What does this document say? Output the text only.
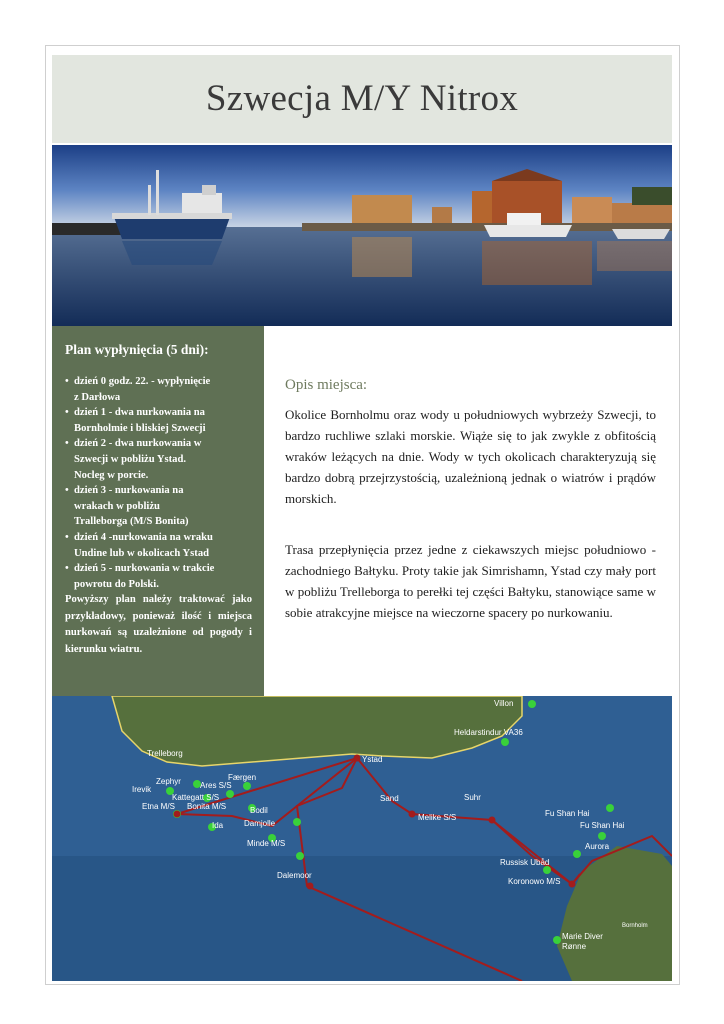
Szwecja M/Y Nitrox
Plan wypłynięcia (5 dni):
• dzień 0 godz. 22. - wypłynięcie
z Darłowa
• dzień 1 - dwa nurkowania na
Bornholmie i bliskiej Szwecji
• dzień 2 - dwa nurkowania w
Szwecji w pobliżu Ystad.
Nocleg w porcie.
• dzień 3 - nurkowania na
wrakach w pobliżu
Tralleborga (M/S Bonita)
• dzień 4 -nurkowania na wraku
Undine lub w okolicach Ystad
• dzień 5 - nurkowania w trakcie
powrotu do Polski.

Powyższy plan należy traktować jako przykładowy, ponieważ ilość i miejsca nurkowań są uzależnione od pogody i kierunku wiatru.

Opis miejsca:

Okolice Bornholmu oraz wody u południowych wybrzeży Szwecji, to bardzo ruchliwe szlaki morskie. Wiąże się to jak zwykle z obfitością wraków leżących na dnie. Wody w tych okolicach charakteryzują się bardzo dobrą przejrzystością, uzależnioną jednak o wiatrów i prądów morskich.

Trasa przepłynięcia przez jedne z ciekawszych miejsc południowo - zachodniego Bałtyku. Proty takie jak Simrishamn, Ystad czy mały port w pobliżu Trelleborga to perełki tej części Bałtyku, stanowiące same w sobie atrakcyjne miejsce na wieczorne spacery po nurkowaniu.

Villon
Heldarstindur VA36
Trelleborg
Ystad
Zephyr
Irevik
Færgen
Ares S/S
Kattegatt S/S
Etna M/S Bonita M/S
Ida
Bodil
Damjolle
Minde M/S
Dalemoor
Sand
Melike S/S
Suhr
Fu Shan Hai
Fu Shan Hai
Aurora
Russisk Ubåd
Koronowo M/S
Marie Diver
Rønne
Bornholm
